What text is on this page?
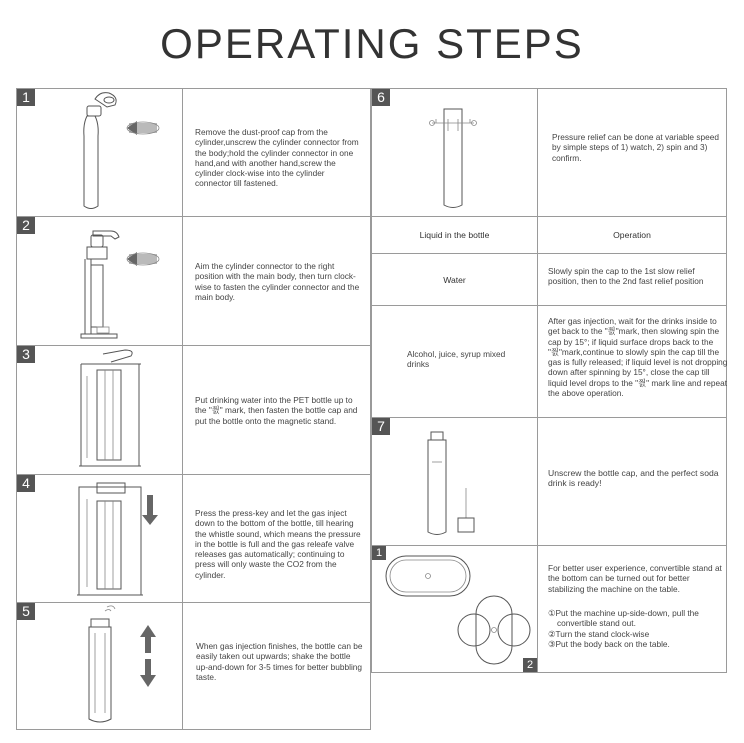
OPERATING STEPS
1
Remove the dust-proof cap from the cylinder,unscrew the cylinder connector from the body;hold the cylinder connector in one hand,and with another hand,screw the cylinder clock-wise into the cylinder connector till fastened.
2
Aim the cylinder connector to the right position with the main body, then turn clock-wise to fasten the cylinder connector and the main body.
3
Put drinking water into the PET bottle up to the "쯼" mark, then fasten the bottle cap and put the bottle onto the magnetic stand.
4
Press the press-key and let the gas inject down to the bottom of the bottle, till hearing the whistle sound, which means the pressure in the bottle is full and the gas releafe valve releases gas automatically; continuing to press will only waste the CO2 from the cylinder.
5
When gas injection finishes, the bottle can be easily taken out upwards; shake the bottle up-and-down for 3-5 times for better bubbling taste.
6
Pressure relief can be done at variable speed by simple steps of 1) watch, 2) spin and 3) confirm.
Liquid in the bottle	Operation
Water
Slowly spin the cap to the 1st slow relief position, then to the 2nd fast relief position
Alcohol, juice, syrup mixed drinks
After gas injection, wait for the drinks inside to get back to the "쯼"mark, then slowing spin the cap by 15°; if liquid surface drops back to the "쯼"mark,continue to slowly spin the cap till the gas is fully released; if liquid level is not dropping down after spinning by 15°, close the cap till liquid level drops to the "쯼" mark line and repeat the above operation.
7
Unscrew the bottle cap, and the perfect soda drink is ready!
1
2
For better user experience, convertible stand at the bottom can be turned out for better stabilizing the machine on the table.
①Put the machine up-side-down, pull the convertible stand out.
②Turn the stand clock-wise
③Put the body back on the table.
